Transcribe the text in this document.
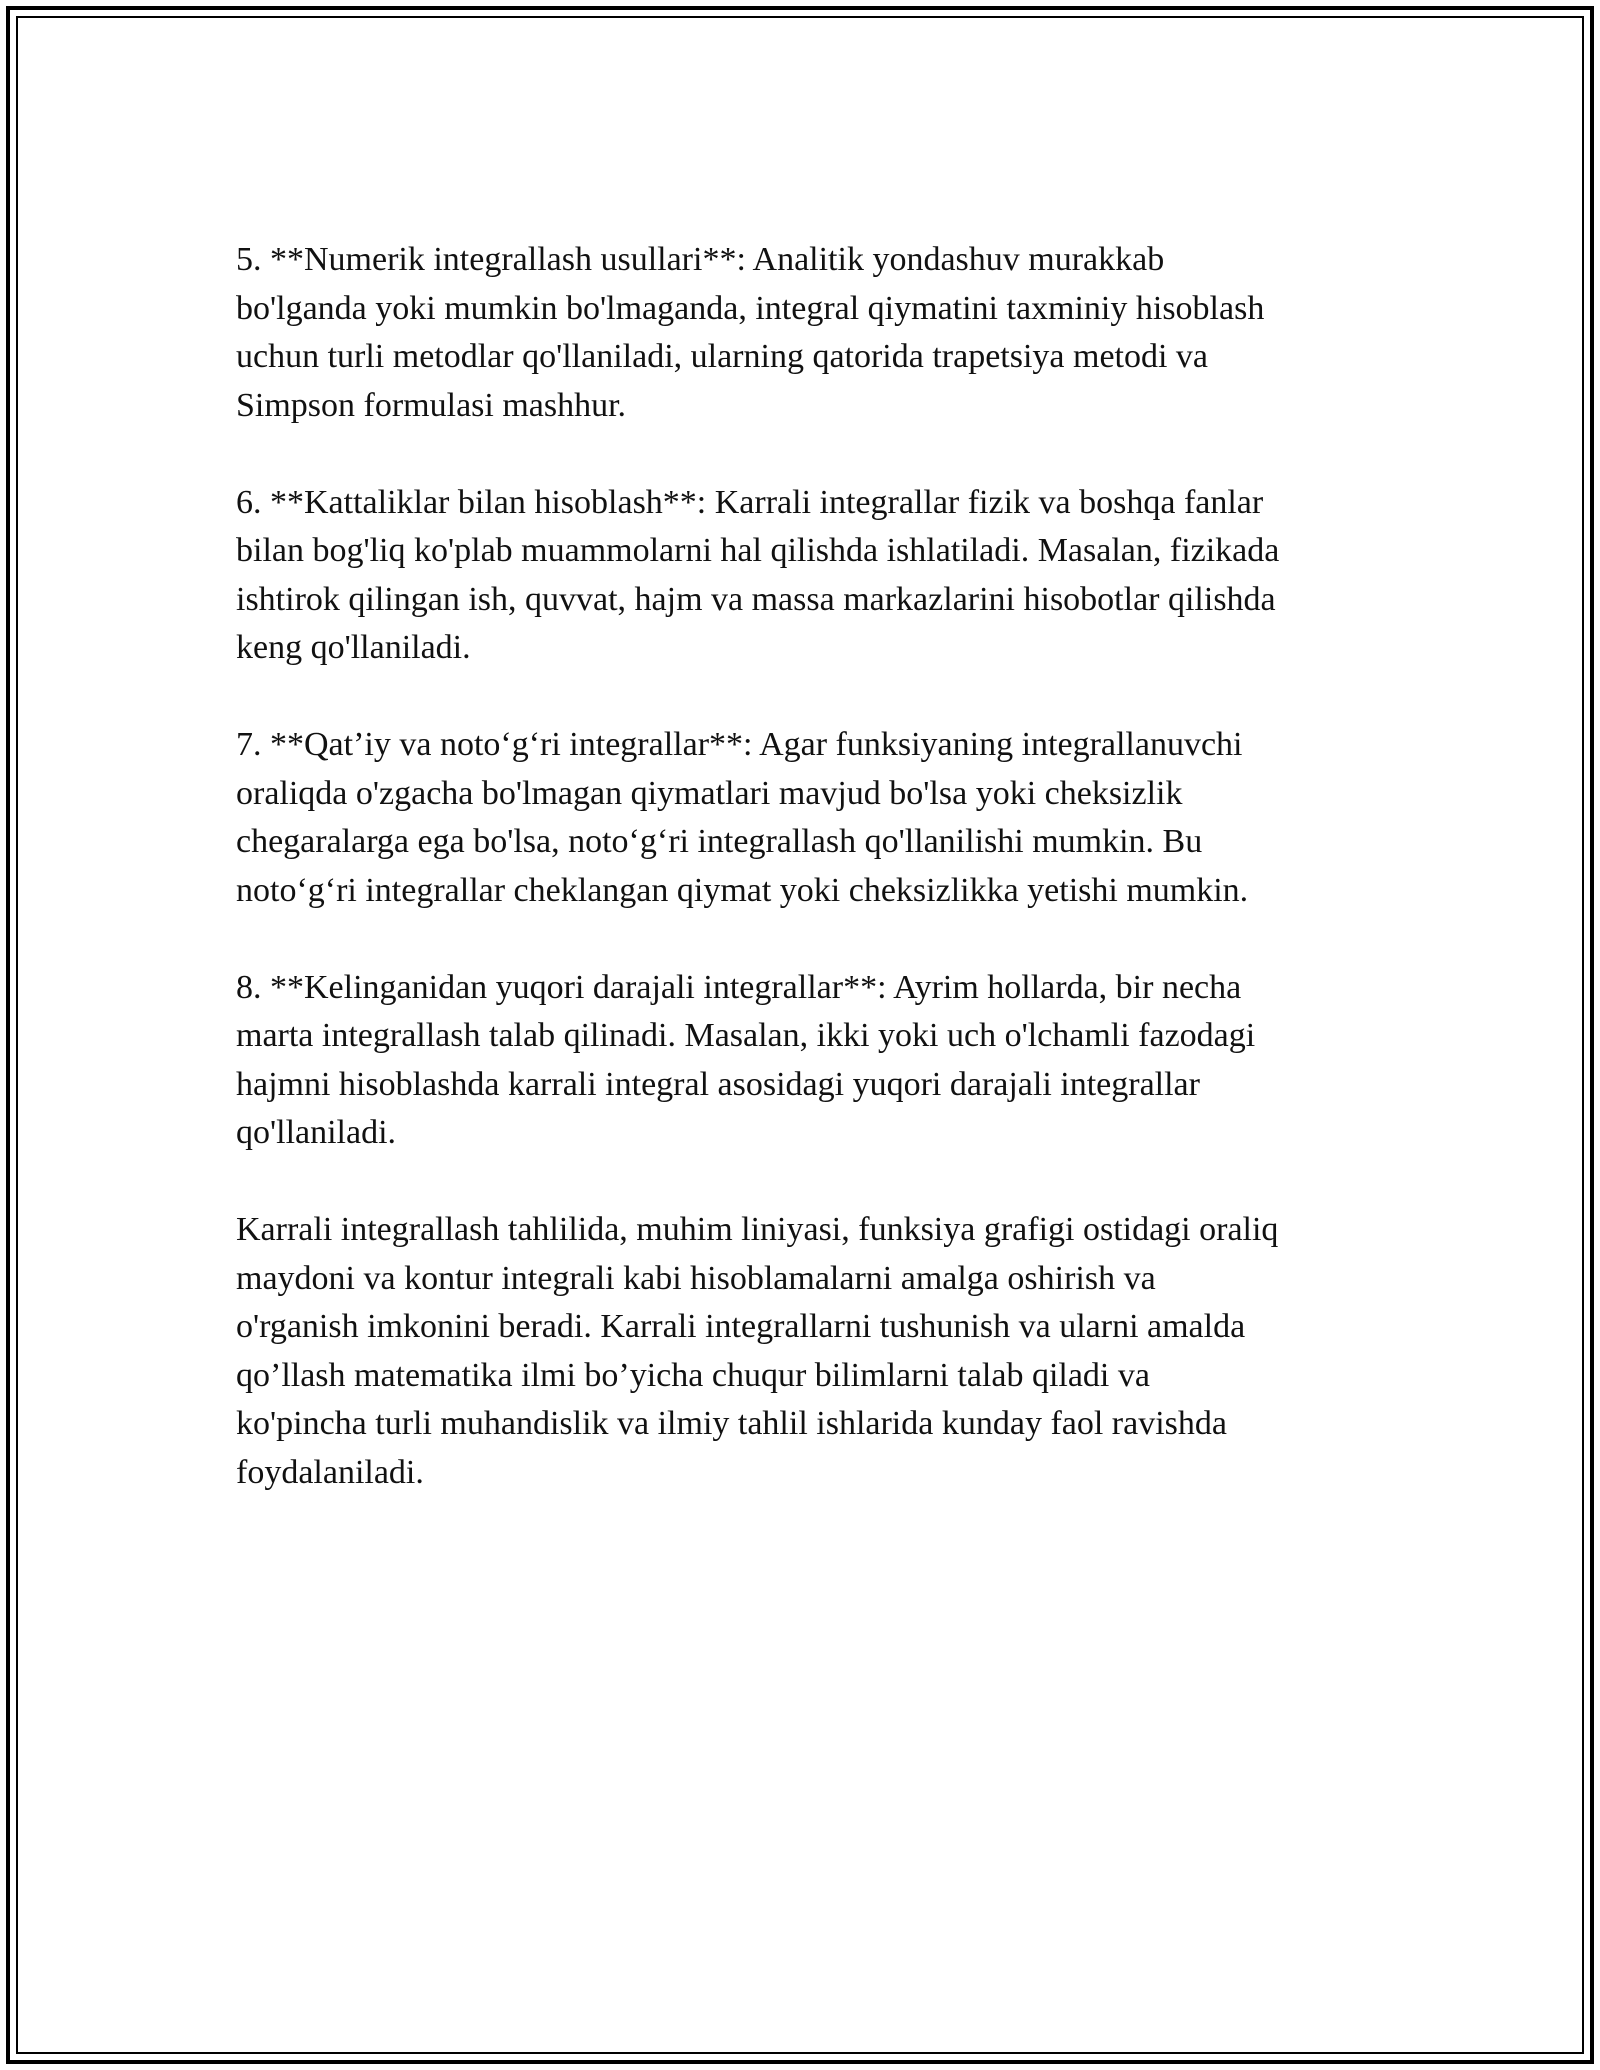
5. **Numerik integrallash usullari**: Analitik yondashuv murakkab
bo'lganda yoki mumkin bo'lmaganda, integral qiymatini taxminiy hisoblash
uchun turli metodlar qo'llaniladi, ularning qatorida trapetsiya metodi va
Simpson formulasi mashhur.

6. **Kattaliklar bilan hisoblash**: Karrali integrallar fizik va boshqa fanlar
bilan bog'liq ko'plab muammolarni hal qilishda ishlatiladi. Masalan, fizikada
ishtirok qilingan ish, quvvat, hajm va massa markazlarini hisobotlar qilishda
keng qo'llaniladi.

7. **Qat’iy va noto‘g‘ri integrallar**: Agar funksiyaning integrallanuvchi
oraliqda o'zgacha bo'lmagan qiymatlari mavjud bo'lsa yoki cheksizlik
chegaralarga ega bo'lsa, noto‘g‘ri integrallash qo'llanilishi mumkin. Bu
noto‘g‘ri integrallar cheklangan qiymat yoki cheksizlikka yetishi mumkin.

8. **Kelinganidan yuqori darajali integrallar**: Ayrim hollarda, bir necha
marta integrallash talab qilinadi. Masalan, ikki yoki uch o'lchamli fazodagi
hajmni hisoblashda karrali integral asosidagi yuqori darajali integrallar
qo'llaniladi.

Karrali integrallash tahlilida, muhim liniyasi, funksiya grafigi ostidagi oraliq
maydoni va kontur integrali kabi hisoblamalarni amalga oshirish va
o'rganish imkonini beradi. Karrali integrallarni tushunish va ularni amalda
qo’llash matematika ilmi bo’yicha chuqur bilimlarni talab qiladi va
ko'pincha turli muhandislik va ilmiy tahlil ishlarida kunday faol ravishda
foydalaniladi.
